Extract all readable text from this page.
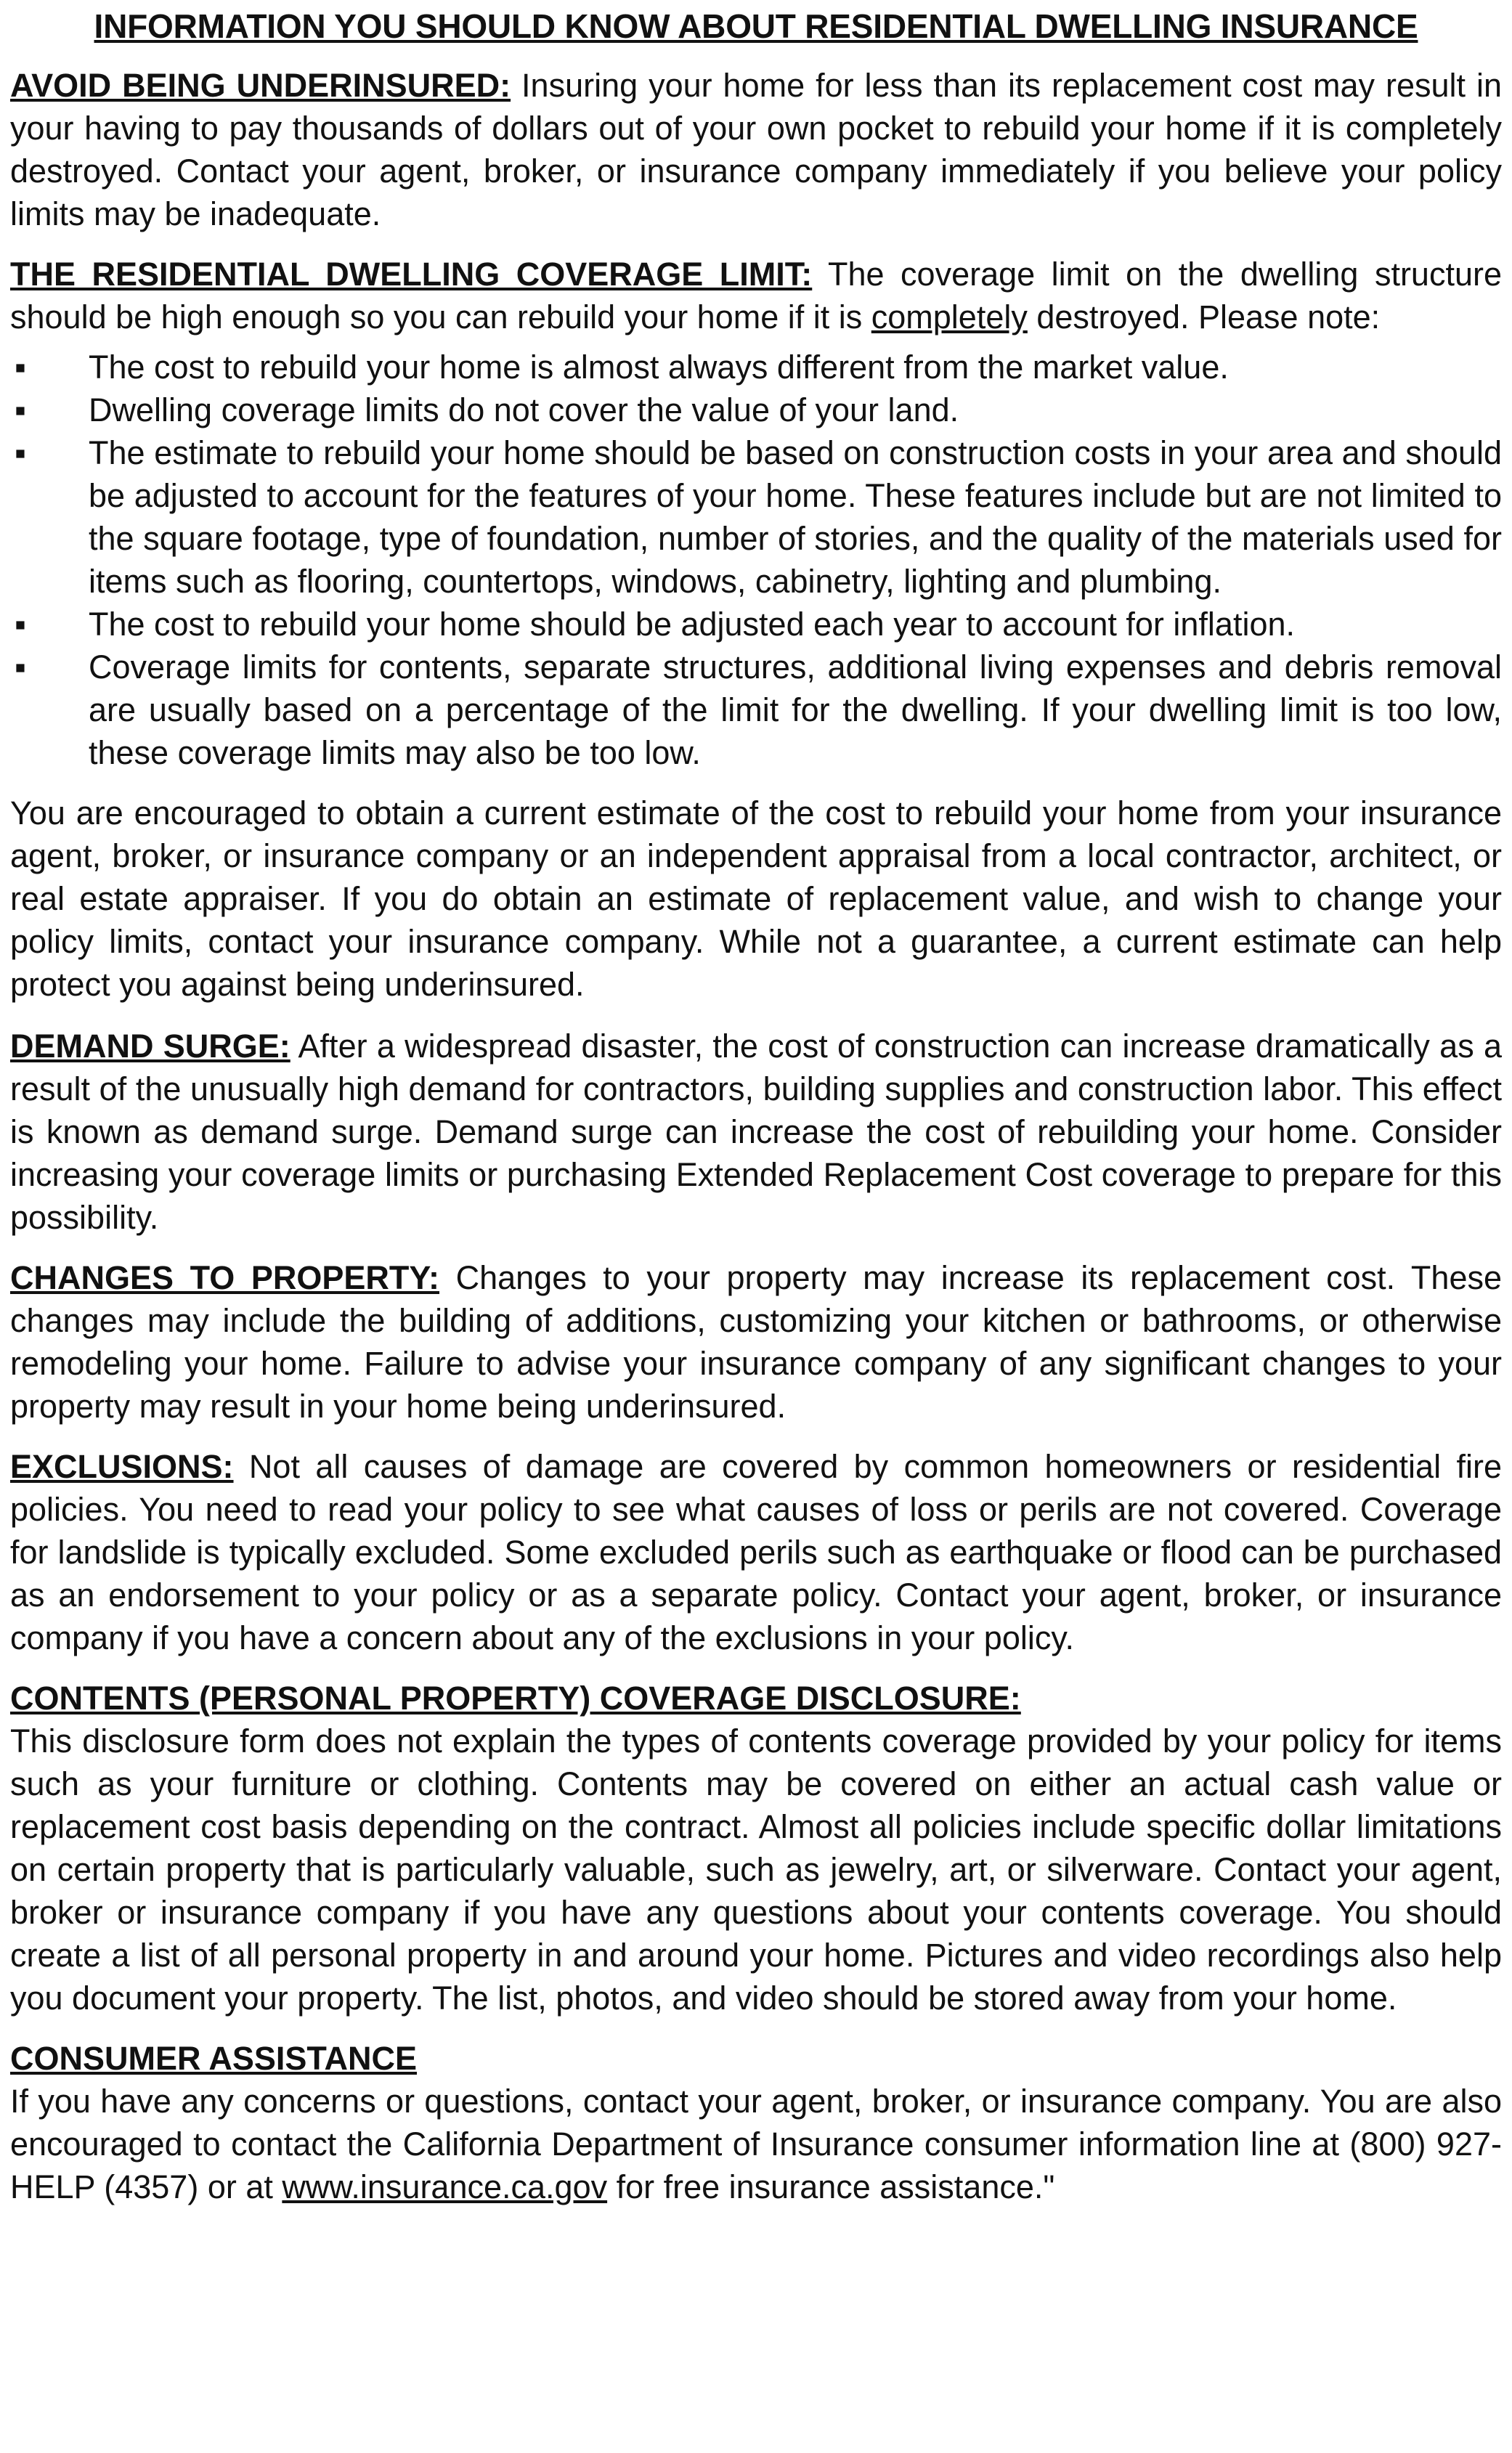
INFORMATION YOU SHOULD KNOW ABOUT RESIDENTIAL DWELLING INSURANCE

AVOID BEING UNDERINSURED: Insuring your home for less than its replacement cost may result in your having to pay thousands of dollars out of your own pocket to rebuild your home if it is completely destroyed. Contact your agent, broker, or insurance company immediately if you believe your policy limits may be inadequate.

THE RESIDENTIAL DWELLING COVERAGE LIMIT: The coverage limit on the dwelling structure should be high enough so you can rebuild your home if it is completely destroyed. Please note:

▪	The cost to rebuild your home is almost always different from the market value.
▪	Dwelling coverage limits do not cover the value of your land.
▪	The estimate to rebuild your home should be based on construction costs in your area and should be adjusted to account for the features of your home. These features include but are not limited to the square footage, type of foundation, number of stories, and the quality of the materials used for items such as flooring, countertops, windows, cabinetry, lighting and plumbing.
▪	The cost to rebuild your home should be adjusted each year to account for inflation.
▪	Coverage limits for contents, separate structures, additional living expenses and debris removal are usually based on a percentage of the limit for the dwelling. If your dwelling limit is too low, these coverage limits may also be too low.

You are encouraged to obtain a current estimate of the cost to rebuild your home from your insurance agent, broker, or insurance company or an independent appraisal from a local contractor, architect, or real estate appraiser. If you do obtain an estimate of replacement value, and wish to change your policy limits, contact your insurance company. While not a guarantee, a current estimate can help protect you against being underinsured.

DEMAND SURGE: After a widespread disaster, the cost of construction can increase dramatically as a result of the unusually high demand for contractors, building supplies and construction labor. This effect is known as demand surge. Demand surge can increase the cost of rebuilding your home. Consider increasing your coverage limits or purchasing Extended Replacement Cost coverage to prepare for this possibility.

CHANGES TO PROPERTY: Changes to your property may increase its replacement cost. These changes may include the building of additions, customizing your kitchen or bathrooms, or otherwise remodeling your home. Failure to advise your insurance company of any significant changes to your property may result in your home being underinsured.

EXCLUSIONS: Not all causes of damage are covered by common homeowners or residential fire policies. You need to read your policy to see what causes of loss or perils are not covered. Coverage for landslide is typically excluded. Some excluded perils such as earthquake or flood can be purchased as an endorsement to your policy or as a separate policy. Contact your agent, broker, or insurance company if you have a concern about any of the exclusions in your policy.

CONTENTS (PERSONAL PROPERTY) COVERAGE DISCLOSURE:
This disclosure form does not explain the types of contents coverage provided by your policy for items such as your furniture or clothing. Contents may be covered on either an actual cash value or replacement cost basis depending on the contract. Almost all policies include specific dollar limitations on certain property that is particularly valuable, such as jewelry, art, or silverware. Contact your agent, broker or insurance company if you have any questions about your contents coverage. You should create a list of all personal property in and around your home. Pictures and video recordings also help you document your property. The list, photos, and video should be stored away from your home.
CONSUMER ASSISTANCE
If you have any concerns or questions, contact your agent, broker, or insurance company. You are also encouraged to contact the California Department of Insurance consumer information line at (800) 927-HELP (4357) or at www.insurance.ca.gov for free insurance assistance."
